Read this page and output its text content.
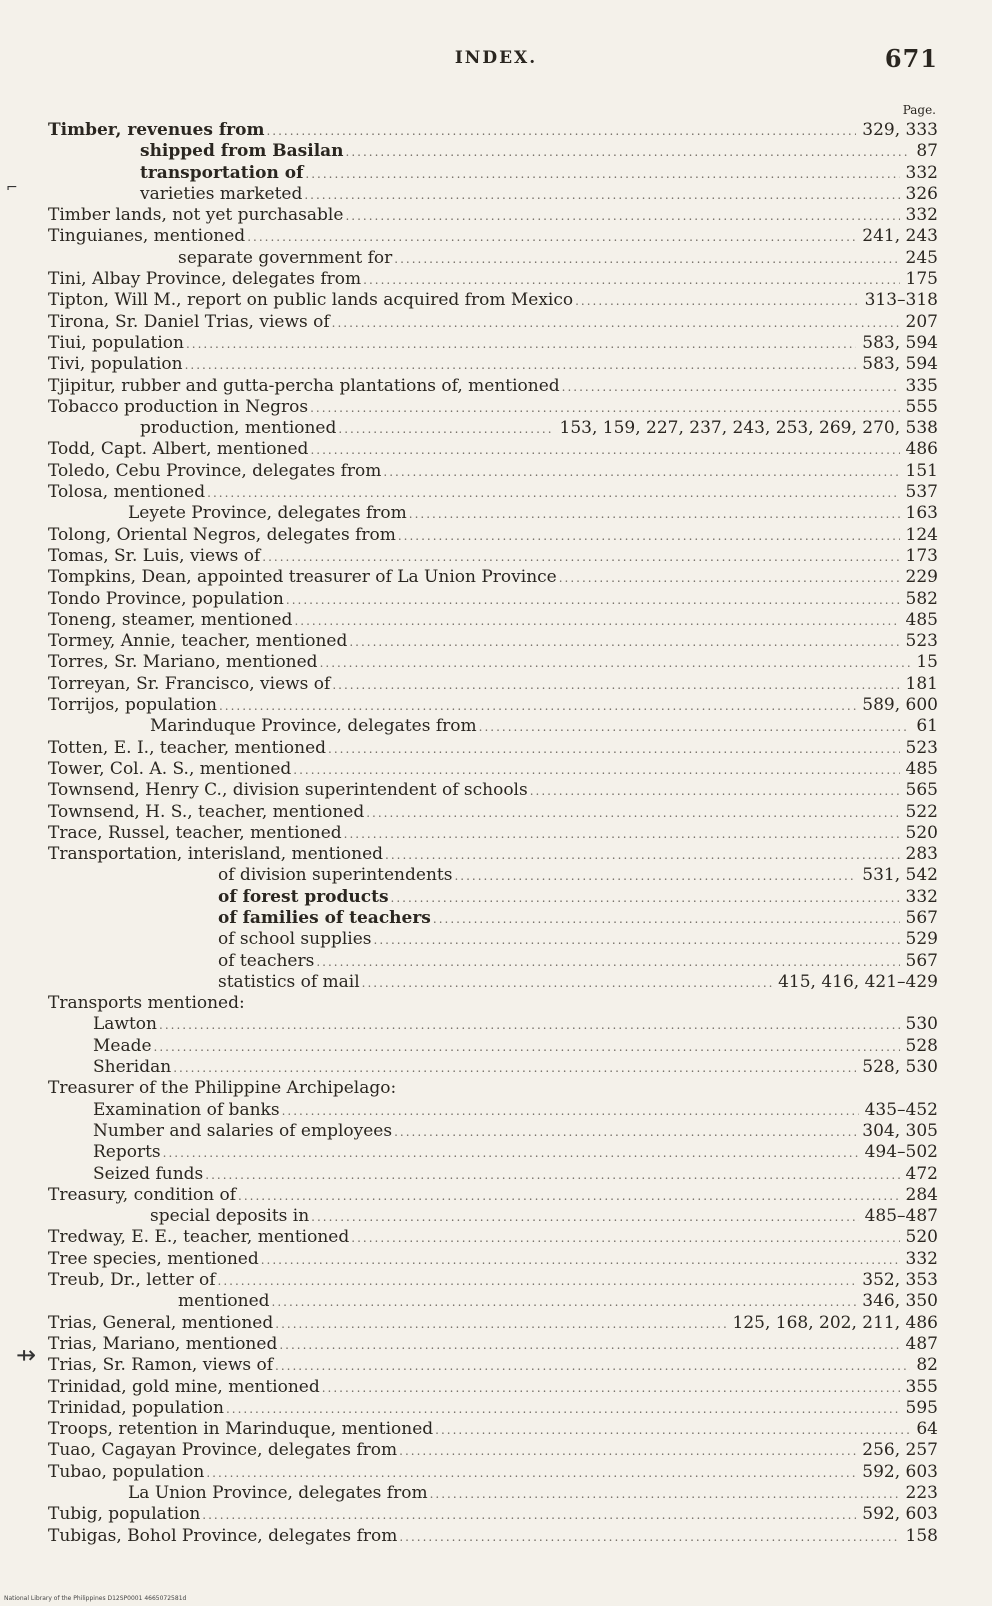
INDEX.	671
Page.
Timber, revenues from .....	329, 333
shipped from Basilan .....	87
transportation of .....	332
varieties marketed .....	326
Timber lands, not yet purchasable .....	332
Tinguianes, mentioned .....	241, 243
separate government for .....	245
Tini, Albay Province, delegates from .....	175
Tipton, Will M., report on public lands acquired from Mexico .....	313–318
Tirona, Sr. Daniel Trias, views of .....	207
Tiui, population .....	583, 594
Tivi, population .....	583, 594
Tjipitur, rubber and gutta-percha plantations of, mentioned .....	335
Tobacco production in Negros .....	555
production, mentioned .....	153, 159, 227, 237, 243, 253, 269, 270, 538
Todd, Capt. Albert, mentioned .....	486
Toledo, Cebu Province, delegates from .....	151
Tolosa, mentioned .....	537
Leyete Province, delegates from .....	163
Tolong, Oriental Negros, delegates from .....	124
Tomas, Sr. Luis, views of .....	173
Tompkins, Dean, appointed treasurer of La Union Province .....	229
Tondo Province, population .....	582
Toneng, steamer, mentioned .....	485
Tormey, Annie, teacher, mentioned .....	523
Torres, Sr. Mariano, mentioned .....	15
Torreyan, Sr. Francisco, views of .....	181
Torrijos, population .....	589, 600
Marinduque Province, delegates from .....	61
Totten, E. I., teacher, mentioned .....	523
Tower, Col. A. S., mentioned .....	485
Townsend, Henry C., division superintendent of schools .....	565
Townsend, H. S., teacher, mentioned .....	522
Trace, Russel, teacher, mentioned .....	520
Transportation, interisland, mentioned .....	283
of division superintendents .....	531, 542
of forest products .....	332
of families of teachers .....	567
of school supplies .....	529
of teachers .....	567
statistics of mail .....	415, 416, 421–429
Transports mentioned:
Lawton .....	530
Meade .....	528
Sheridan .....	528, 530
Treasurer of the Philippine Archipelago:
Examination of banks .....	435–452
Number and salaries of employees .....	304, 305
Reports .....	494–502
Seized funds .....	472
Treasury, condition of .....	284
special deposits in .....	485–487
Tredway, E. E., teacher, mentioned .....	520
Tree species, mentioned .....	332
Treub, Dr., letter of .....	352, 353
mentioned .....	346, 350
Trias, General, mentioned .....	125, 168, 202, 211, 486
Trias, Mariano, mentioned .....	487
Trias, Sr. Ramon, views of .....	82
Trinidad, gold mine, mentioned .....	355
Trinidad, population .....	595
Troops, retention in Marinduque, mentioned .....	64
Tuao, Cagayan Province, delegates from .....	256, 257
Tubao, population .....	592, 603
La Union Province, delegates from .....	223
Tubig, population .....	592, 603
Tubigas, Bohol Province, delegates from .....	158
⌐
⇸
National Library of the Philippines D12SP0001 4665072581d
